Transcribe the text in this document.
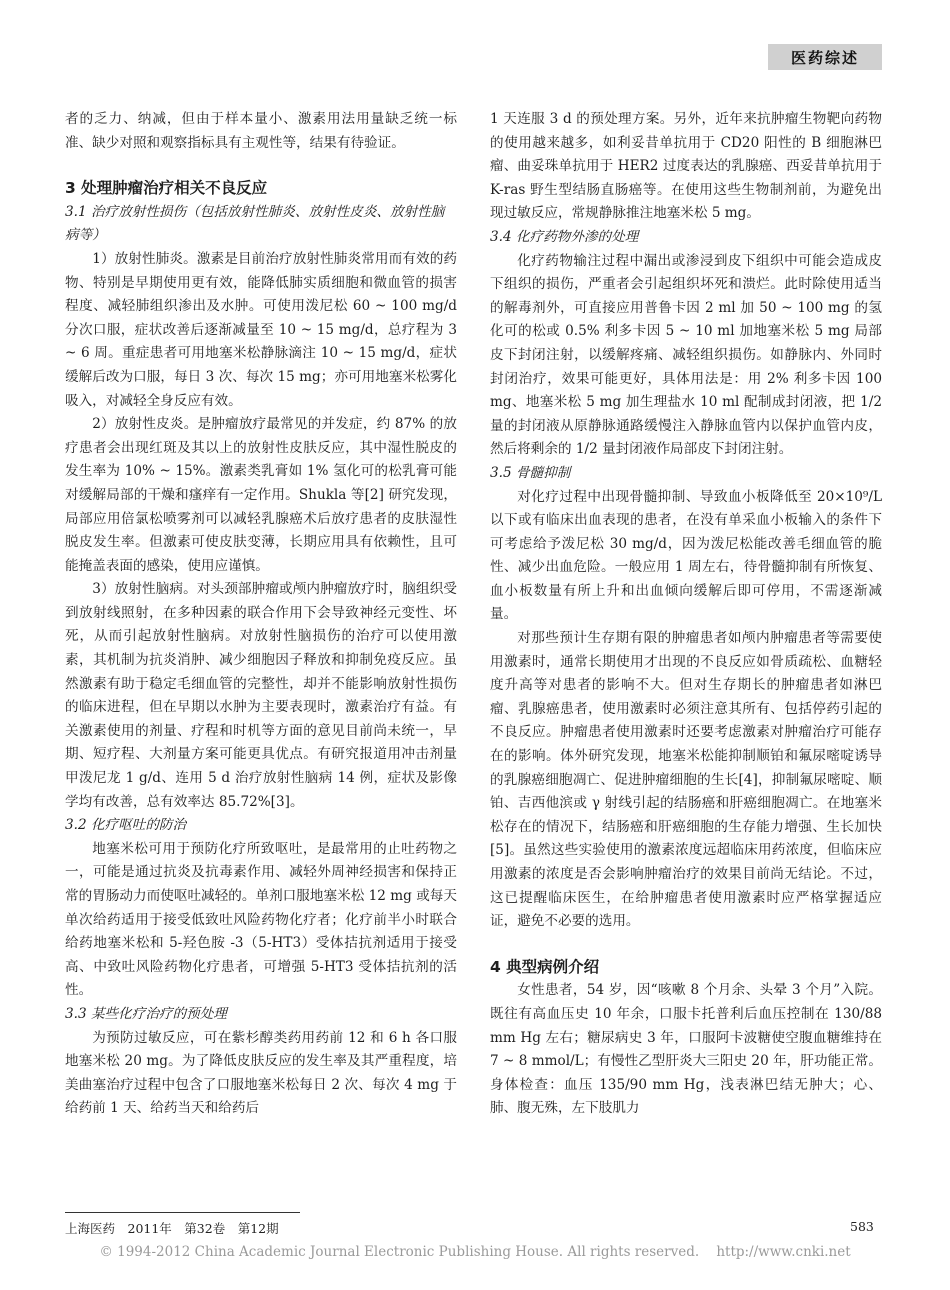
医药综述

者的乏力、纳减，但由于样本量小、激素用法用量缺乏统一标准、缺少对照和观察指标具有主观性等，结果有待验证。

3 处理肿瘤治疗相关不良反应
3.1 治疗放射性损伤（包括放射性肺炎、放射性皮炎、放射性脑病等）

1）放射性肺炎。激素是目前治疗放射性肺炎常用而有效的药物、特别是早期使用更有效，能降低肺实质细胞和微血管的损害程度、减轻肺组织渗出及水肿。可使用泼尼松 60 ~ 100 mg/d 分次口服，症状改善后逐渐减量至 10 ~ 15 mg/d，总疗程为 3 ~ 6 周。重症患者可用地塞米松静脉滴注 10 ~ 15 mg/d，症状缓解后改为口服，每日 3 次、每次 15 mg；亦可用地塞米松雾化吸入，对减轻全身反应有效。

2）放射性皮炎。是肿瘤放疗最常见的并发症，约 87% 的放疗患者会出现红斑及其以上的放射性皮肤反应，其中湿性脱皮的发生率为 10% ~ 15%。激素类乳膏如 1% 氢化可的松乳膏可能对缓解局部的干燥和瘙痒有一定作用。Shukla 等[2] 研究发现，局部应用倍氯松喷雾剂可以减轻乳腺癌术后放疗患者的皮肤湿性脱皮发生率。但激素可使皮肤变薄，长期应用具有依赖性，且可能掩盖表面的感染，使用应谨慎。

3）放射性脑病。对头颈部肿瘤或颅内肿瘤放疗时，脑组织受到放射线照射，在多种因素的联合作用下会导致神经元变性、坏死，从而引起放射性脑病。对放射性脑损伤的治疗可以使用激素，其机制为抗炎消肿、减少细胞因子释放和抑制免疫反应。虽然激素有助于稳定毛细血管的完整性，却并不能影响放射性损伤的临床进程，但在早期以水肿为主要表现时，激素治疗有益。有关激素使用的剂量、疗程和时机等方面的意见目前尚未统一，早期、短疗程、大剂量方案可能更具优点。有研究报道用冲击剂量甲泼尼龙 1 g/d、连用 5 d 治疗放射性脑病 14 例，症状及影像学均有改善，总有效率达 85.72%[3]。

3.2 化疗呕吐的防治

地塞米松可用于预防化疗所致呕吐，是最常用的止吐药物之一，可能是通过抗炎及抗毒素作用、减轻外周神经损害和保持正常的胃肠动力而使呕吐减轻的。单剂口服地塞米松 12 mg 或每天单次给药适用于接受低致吐风险药物化疗者；化疗前半小时联合给药地塞米松和 5-羟色胺 -3（5-HT3）受体拮抗剂适用于接受高、中致吐风险药物化疗患者，可增强 5-HT3 受体拮抗剂的活性。

3.3 某些化疗治疗的预处理

为预防过敏反应，可在紫杉醇类药用药前 12 和 6 h 各口服地塞米松 20 mg。为了降低皮肤反应的发生率及其严重程度，培美曲塞治疗过程中包含了口服地塞米松每日 2 次、每次 4 mg 于给药前 1 天、给药当天和给药后

1 天连服 3 d 的预处理方案。另外，近年来抗肿瘤生物靶向药物的使用越来越多，如利妥昔单抗用于 CD20 阳性的 B 细胞淋巴瘤、曲妥珠单抗用于 HER2 过度表达的乳腺癌、西妥昔单抗用于 K-ras 野生型结肠直肠癌等。在使用这些生物制剂前，为避免出现过敏反应，常规静脉推注地塞米松 5 mg。

3.4 化疗药物外渗的处理

化疗药物输注过程中漏出或渗浸到皮下组织中可能会造成皮下组织的损伤，严重者会引起组织坏死和溃烂。此时除使用适当的解毒剂外，可直接应用普鲁卡因 2 ml 加 50 ~ 100 mg 的氢化可的松或 0.5% 利多卡因 5 ~ 10 ml 加地塞米松 5 mg 局部皮下封闭注射，以缓解疼痛、减轻组织损伤。如静脉内、外同时封闭治疗，效果可能更好，具体用法是：用 2% 利多卡因 100 mg、地塞米松 5 mg 加生理盐水 10 ml 配制成封闭液，把 1/2 量的封闭液从原静脉通路缓慢注入静脉血管内以保护血管内皮，然后将剩余的 1/2 量封闭液作局部皮下封闭注射。

3.5 骨髓抑制

对化疗过程中出现骨髓抑制、导致血小板降低至 20×10⁹/L 以下或有临床出血表现的患者，在没有单采血小板输入的条件下可考虑给予泼尼松 30 mg/d，因为泼尼松能改善毛细血管的脆性、减少出血危险。一般应用 1 周左右，待骨髓抑制有所恢复、血小板数量有所上升和出血倾向缓解后即可停用，不需逐渐减量。

对那些预计生存期有限的肿瘤患者如颅内肿瘤患者等需要使用激素时，通常长期使用才出现的不良反应如骨质疏松、血糖轻度升高等对患者的影响不大。但对生存期长的肿瘤患者如淋巴瘤、乳腺癌患者，使用激素时必须注意其所有、包括停药引起的不良反应。肿瘤患者使用激素时还要考虑激素对肿瘤治疗可能存在的影响。体外研究发现，地塞米松能抑制顺铂和氟尿嘧啶诱导的乳腺癌细胞凋亡、促进肿瘤细胞的生长[4]，抑制氟尿嘧啶、顺铂、吉西他滨或 γ 射线引起的结肠癌和肝癌细胞凋亡。在地塞米松存在的情况下，结肠癌和肝癌细胞的生存能力增强、生长加快[5]。虽然这些实验使用的激素浓度远超临床用药浓度，但临床应用激素的浓度是否会影响肿瘤治疗的效果目前尚无结论。不过，这已提醒临床医生，在给肿瘤患者使用激素时应严格掌握适应证，避免不必要的选用。

4 典型病例介绍

女性患者，54 岁，因“咳嗽 8 个月余、头晕 3 个月”入院。既往有高血压史 10 年余，口服卡托普利后血压控制在 130/88 mm Hg 左右；糖尿病史 3 年，口服阿卡波糖使空腹血糖维持在 7 ~ 8 mmol/L；有慢性乙型肝炎大三阳史 20 年，肝功能正常。身体检查：血压 135/90 mm Hg，浅表淋巴结无肿大；心、肺、腹无殊，左下肢肌力

上海医药　2011年　第32卷　第12期	583
© 1994-2012 China Academic Journal Electronic Publishing House. All rights reserved.    http://www.cnki.net
